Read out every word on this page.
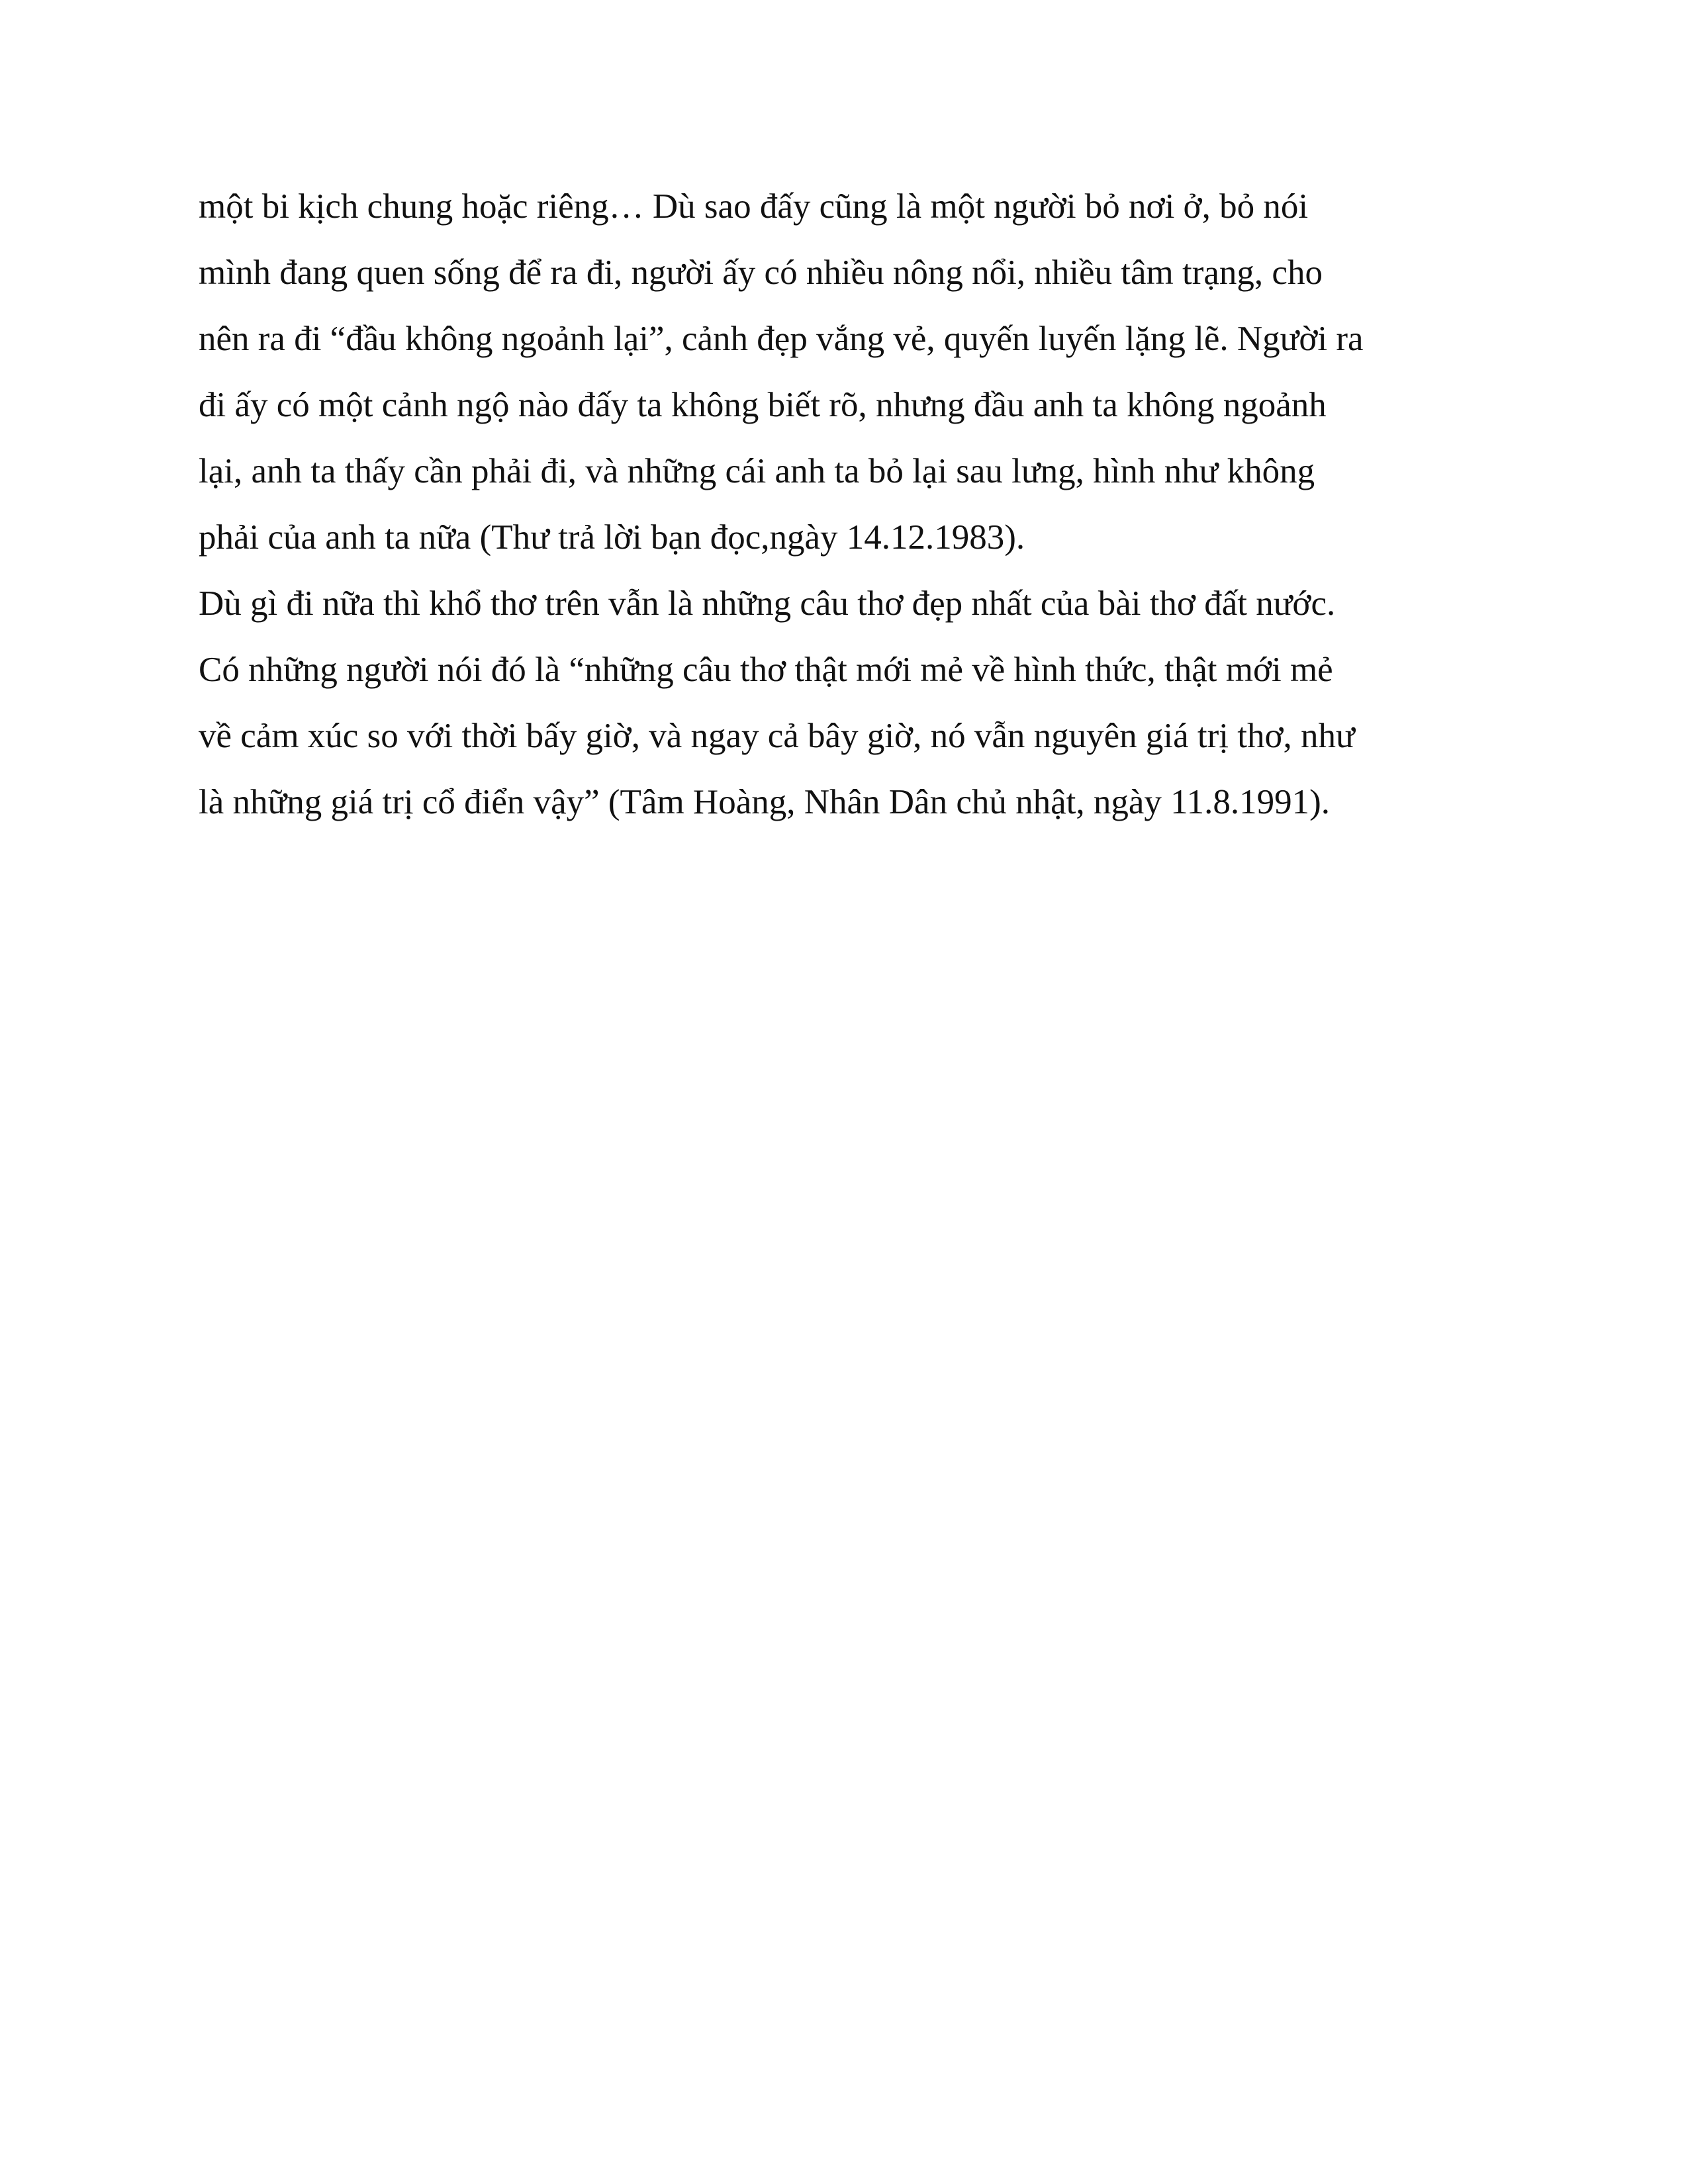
một bi kịch chung hoặc riêng… Dù sao đấy cũng là một người bỏ nơi ở, bỏ nói
mình đang quen sống để ra đi, người ấy có nhiều nông nổi, nhiều tâm trạng, cho
nên ra đi “đầu không ngoảnh lại”, cảnh đẹp vắng vẻ, quyến luyến lặng lẽ. Người ra
đi ấy có một cảnh ngộ nào đấy ta không biết rõ, nhưng đầu anh ta không ngoảnh
lại, anh ta thấy cần phải đi, và những cái anh ta bỏ lại sau lưng, hình như không
phải của anh ta nữa (Thư trả lời bạn đọc,ngày 14.12.1983).
Dù gì đi nữa thì khổ thơ trên vẫn là những câu thơ đẹp nhất của bài thơ đất nước.
Có những người nói đó là “những câu thơ thật mới mẻ về hình thức, thật mới mẻ
về cảm xúc so với thời bấy giờ, và ngay cả bây giờ, nó vẫn nguyên giá trị thơ, như
là những giá trị cổ điển vậy” (Tâm Hoàng, Nhân Dân chủ nhật, ngày 11.8.1991).
